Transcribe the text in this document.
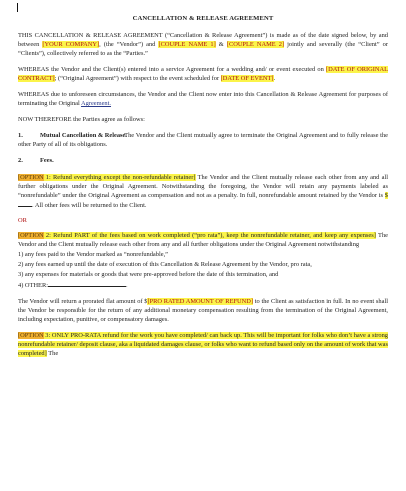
CANCELLATION & RELEASE AGREEMENT

THIS CANCELLATION & RELEASE AGREEMENT (“Cancellation & Release Agreement”) is made as of the date signed below, by and between [YOUR COMPANY], (the “Vendor”) and [COUPLE NAME 1] & [COUPLE NAME 2] jointly and severally (the “Client” or “Clients”), collectively referred to as the “Parties.”

WHEREAS the Vendor and the Client(s) entered into a service Agreement for a wedding and/ or event executed on [DATE OF ORIGINAL CONTRACT]; (“Original Agreement”) with respect to the event scheduled for [DATE OF EVENT].

WHEREAS due to unforeseen circumstances, the Vendor and the Client now enter into this Cancellation & Release Agreement for purposes of terminating the Original Agreement.

NOW THEREFORE the Parties agree as follows:

1.	Mutual Cancellation & Release.

The Vendor and the Client mutually agree to terminate the Original Agreement and to fully release the other Party of all of its obligations.

2.	Fees.

[OPTION 1: Refund everything except the non-refundable retainer] The Vendor and the Client mutually release each other from any and all further obligations under the Original Agreement. Notwithstanding the foregoing, the Vendor will retain any payments labeled as “nonrefundable” under the Original Agreement as compensation and not as a penalty. In full, nonrefundable amount retained by the Vendor is $. All other fees will be returned to the Client.

OR

[OPTION 2: Refund PART of the fees based on work completed (“pro rata”), keep the nonrefundable retainer, and keep any expenses] The Vendor and the Client mutually release each other from any and all further obligations under the Original Agreement notwithstanding

1) any fees paid to the Vendor marked as “nonrefundable,”

2) any fees earned up until the date of execution of this Cancellation & Release Agreement by the Vendor, pro rata,

3) any expenses for materials or goods that were pre-approved before the date of this termination, and

4) OTHER:	.

The Vendor will return a prorated flat amount of $[PRO RATED AMOUNT OF REFUND] to the Client as satisfaction in full. In no event shall the Vendor be responsible for the return of any additional monetary compensation resulting from the termination of the Original Agreement, including expectation, punitive, or compensatory damages.

[OPTION 3: ONLY PRO-RATA refund for the work you have completed/ can back up. This will be important for folks who don’t have a strong nonrefundable retainer/ deposit clause, aka a liquidated damages clause, or folks who want to refund based only on the amount of work that was completed] The
